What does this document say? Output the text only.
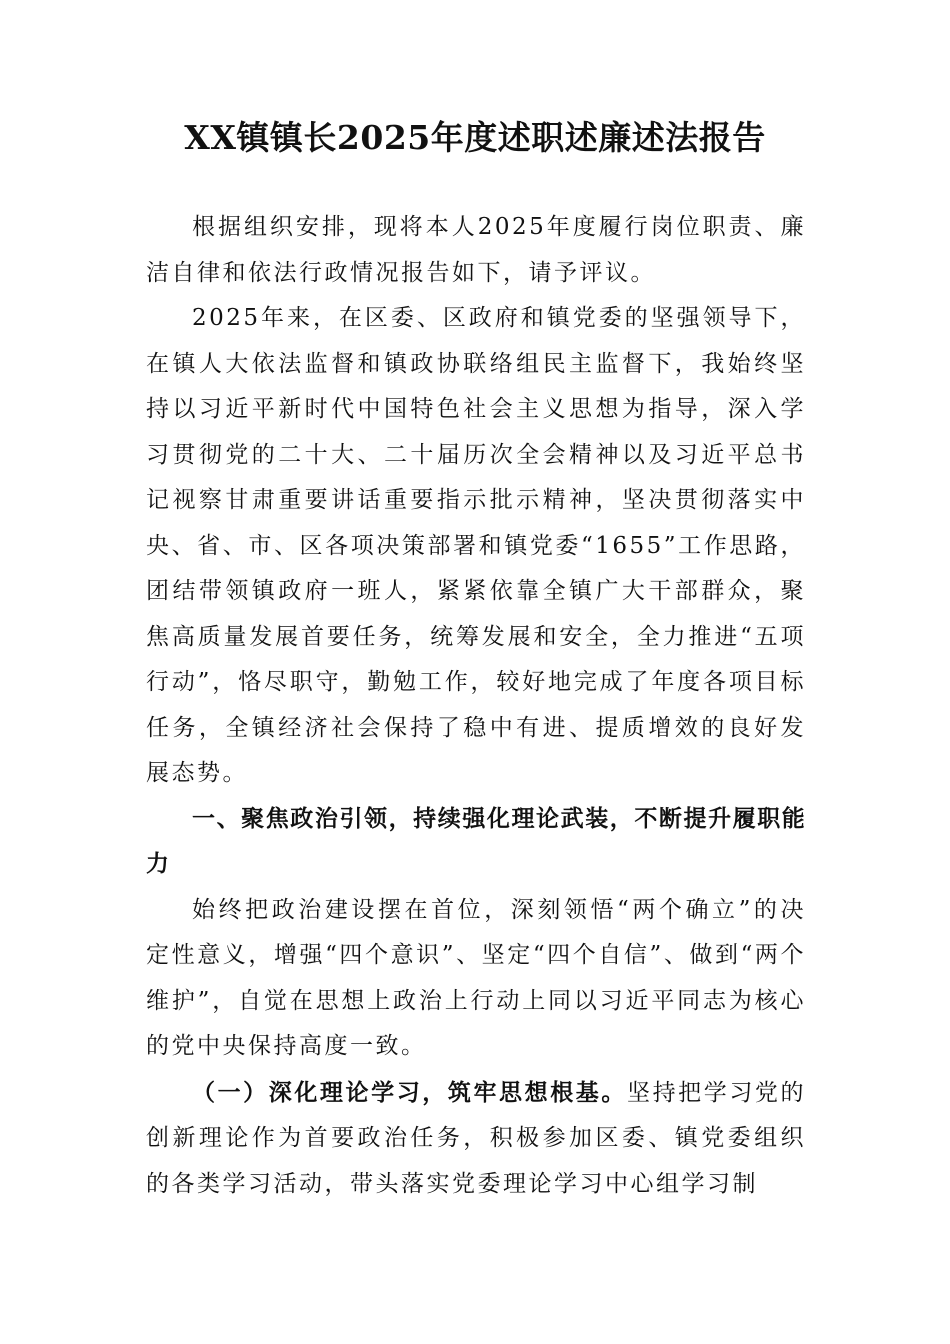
XX镇镇长2025年度述职述廉述法报告

根据组织安排，现将本人2025年度履行岗位职责、廉洁自律和依法行政情况报告如下，请予评议。

2025年来，在区委、区政府和镇党委的坚强领导下，在镇人大依法监督和镇政协联络组民主监督下，我始终坚持以习近平新时代中国特色社会主义思想为指导，深入学习贯彻党的二十大、二十届历次全会精神以及习近平总书记视察甘肃重要讲话重要指示批示精神，坚决贯彻落实中央、省、市、区各项决策部署和镇党委“1655”工作思路，团结带领镇政府一班人，紧紧依靠全镇广大干部群众，聚焦高质量发展首要任务，统筹发展和安全，全力推进“五项行动”，恪尽职守，勤勉工作，较好地完成了年度各项目标任务，全镇经济社会保持了稳中有进、提质增效的良好发展态势。

一、聚焦政治引领，持续强化理论武装，不断提升履职能力

始终把政治建设摆在首位，深刻领悟“两个确立”的决定性意义，增强“四个意识”、坚定“四个自信”、做到“两个维护”，自觉在思想上政治上行动上同以习近平同志为核心的党中央保持高度一致。

（一）深化理论学习，筑牢思想根基。坚持把学习党的创新理论作为首要政治任务，积极参加区委、镇党委组织的各类学习活动，带头落实党委理论学习中心组学习制
